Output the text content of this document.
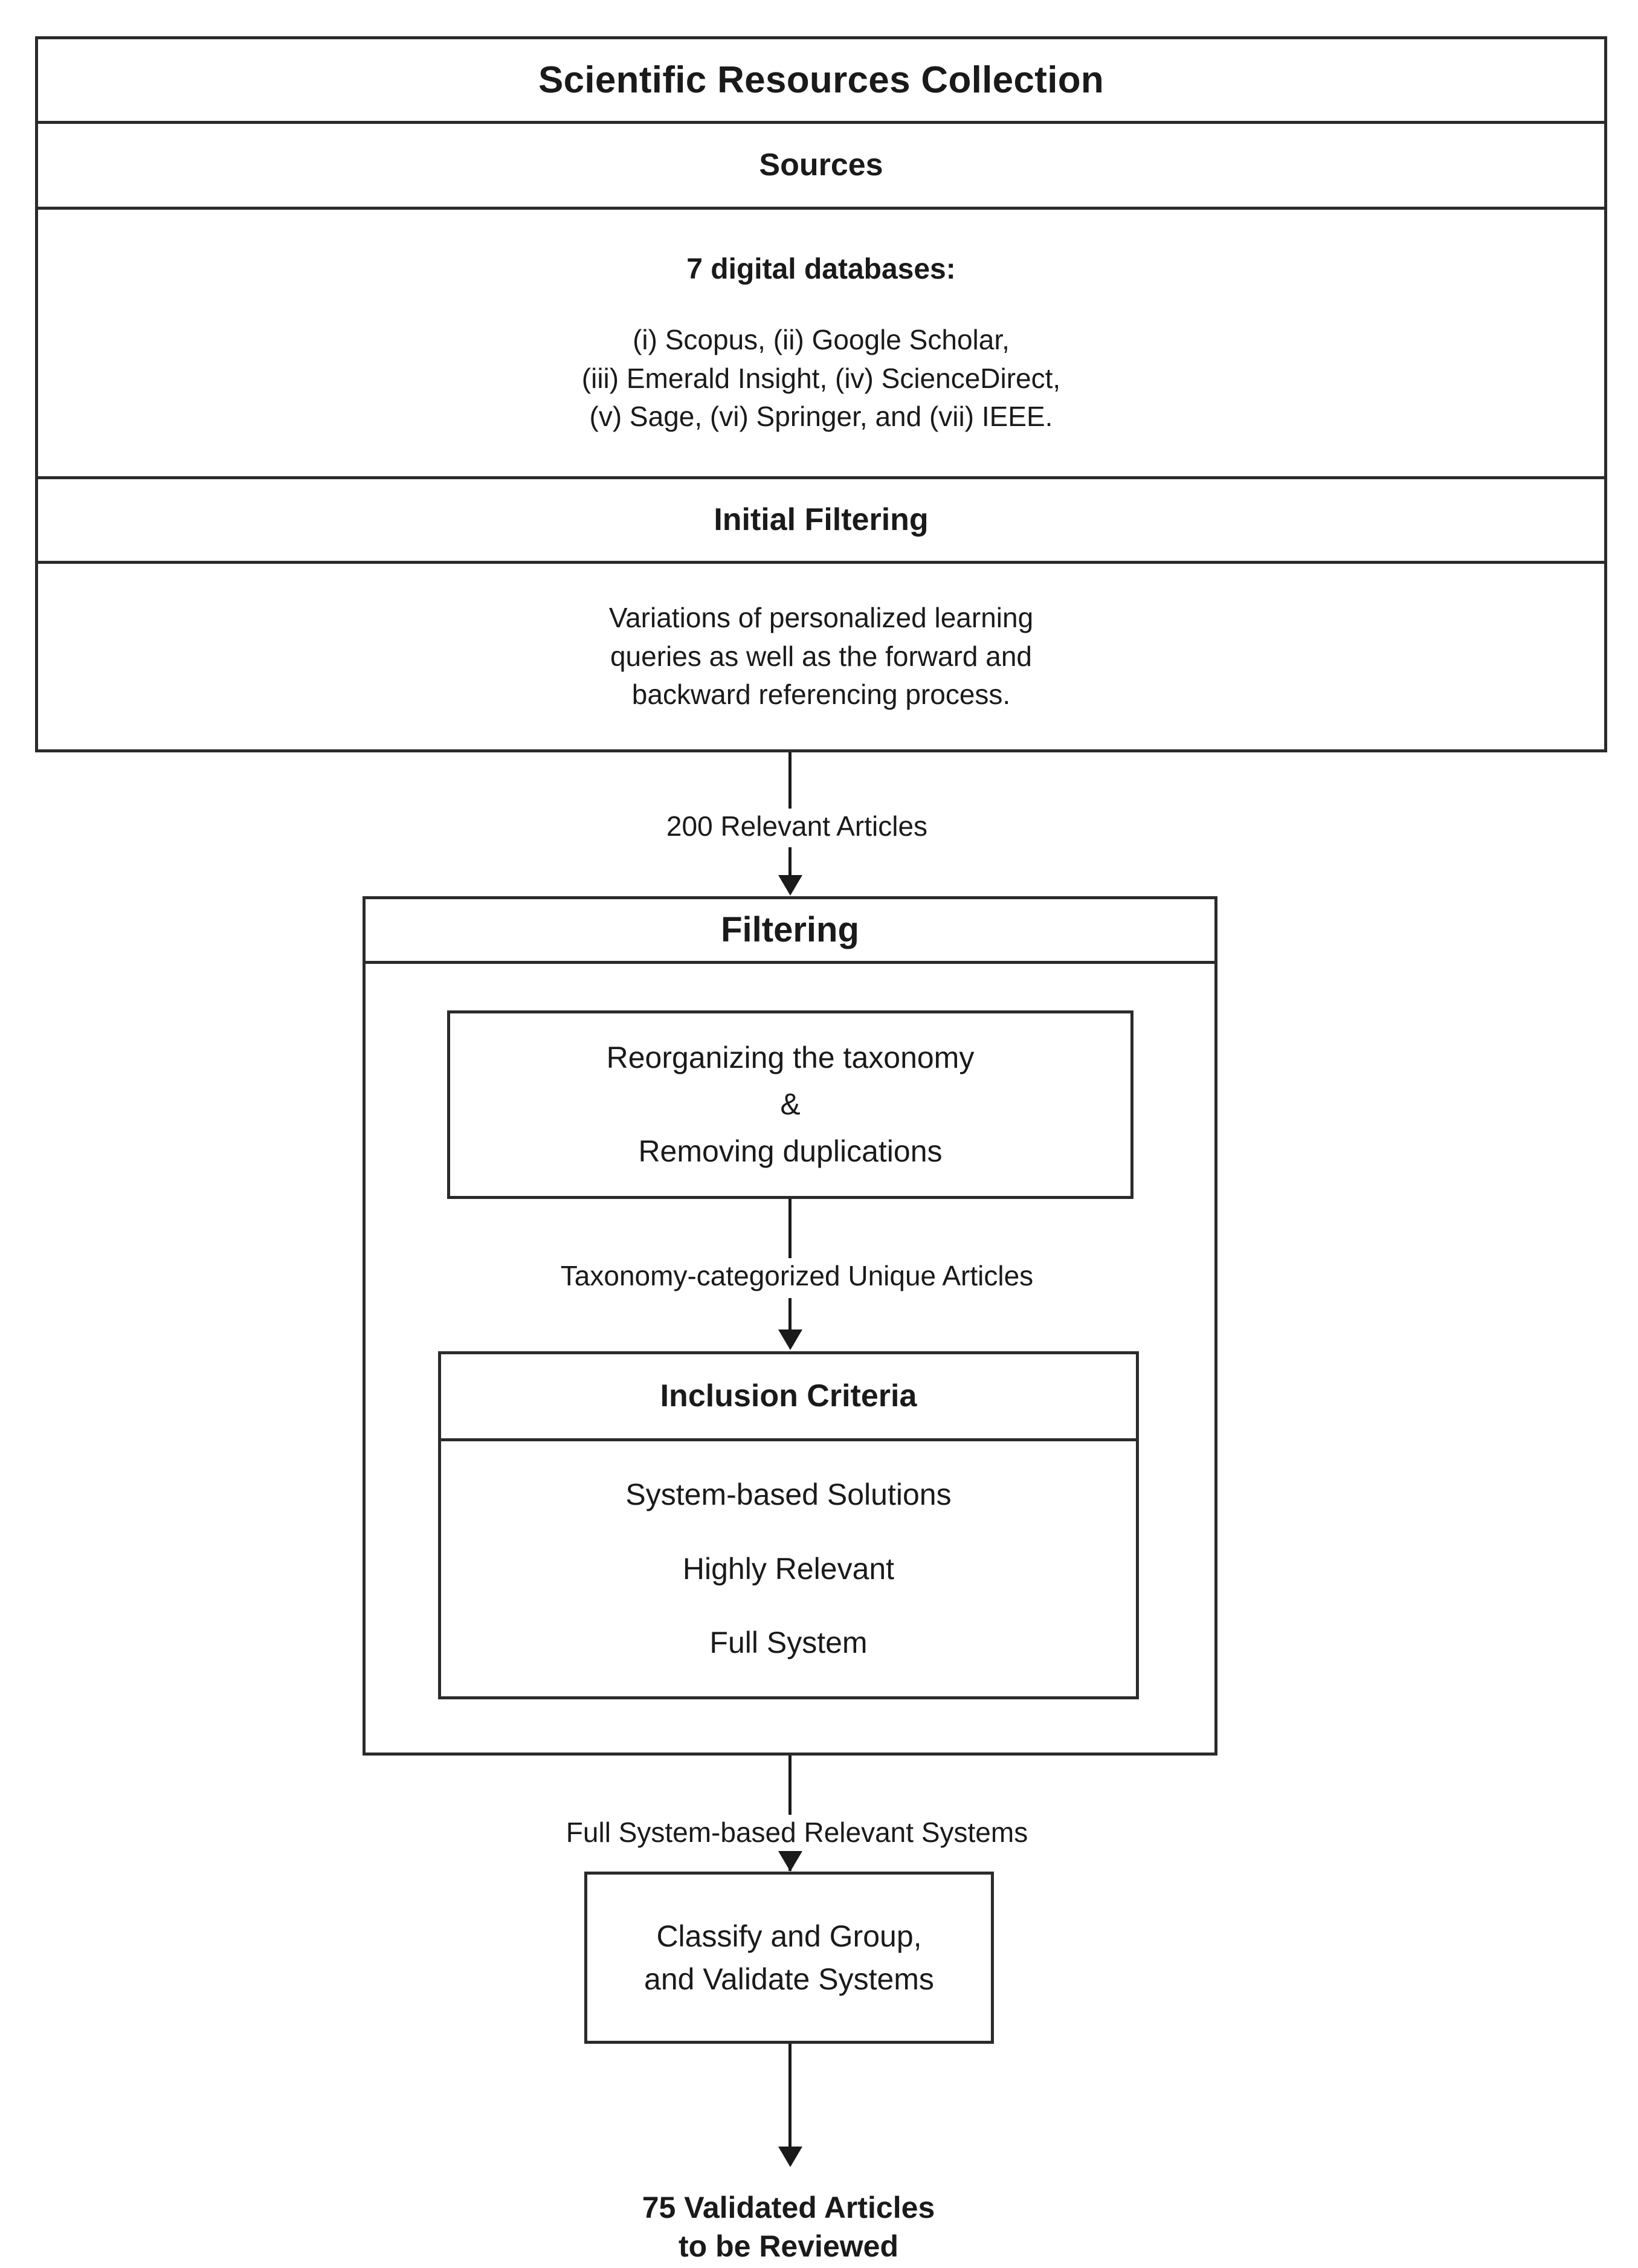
Scientific Resources Collection
Sources
7 digital databases:
(i) Scopus, (ii) Google Scholar,
(iii) Emerald Insight, (iv) ScienceDirect,
(v) Sage, (vi) Springer, and (vii) IEEE.
Initial Filtering
Variations of personalized learning
queries as well as the forward and
backward referencing process.
200 Relevant Articles
Filtering
Reorganizing the taxonomy
&
Removing duplications
Taxonomy-categorized Unique Articles
Inclusion Criteria
System-based Solutions
Highly Relevant
Full System
Full System-based Relevant Systems
Classify and Group,
and Validate Systems
75 Validated Articles
to be Reviewed
